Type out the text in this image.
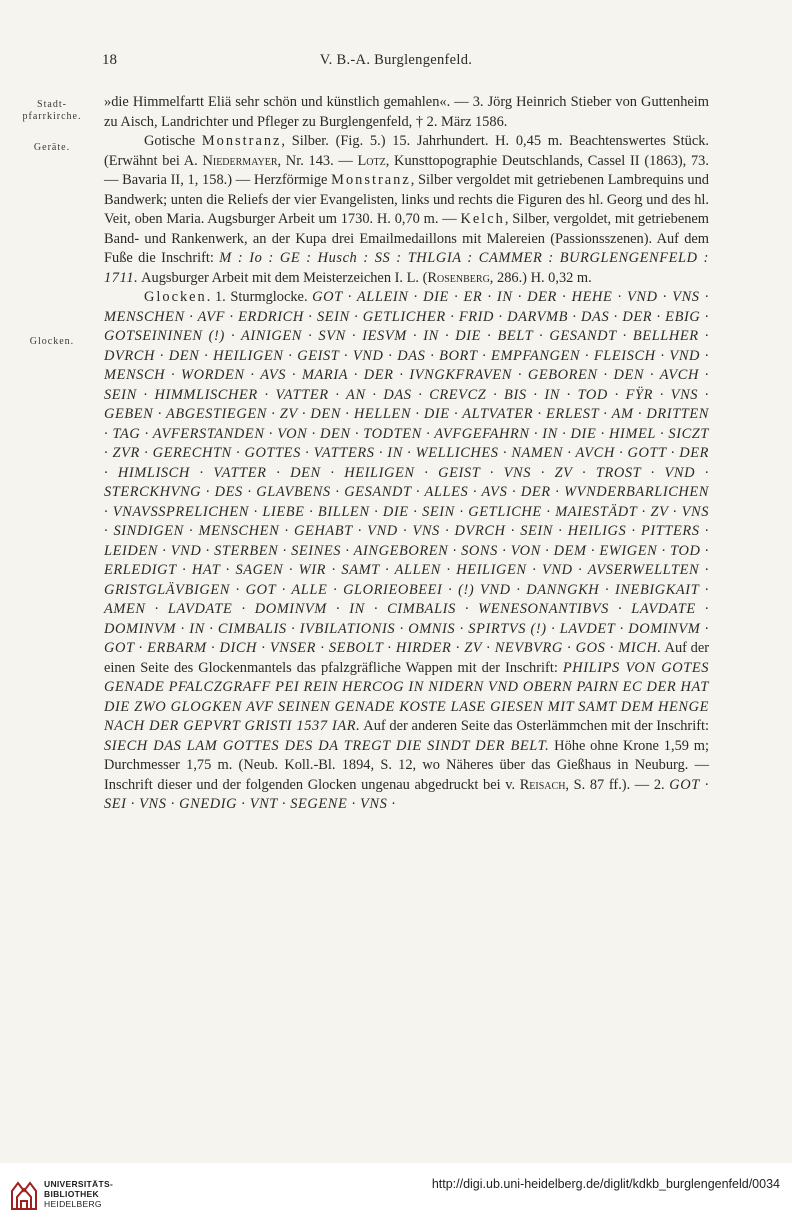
18	V. B.-A. Burglengenfeld.
Stadt-
pfarrkirche.
Geräte.
Glocken.

»die Himmelfartt Eliä sehr schön und künstlich gemahlen«. — 3. Jörg Heinrich Stieber von Guttenheim zu Aisch, Landrichter und Pfleger zu Burglengenfeld, † 2. März 1586.

Gotische Monstranz, Silber. (Fig. 5.) 15. Jahrhundert. H. 0,45 m. Beachtenswertes Stück. (Erwähnt bei A. Niedermayer, Nr. 143. — Lotz, Kunsttopographie Deutschlands, Cassel II (1863), 73. — Bavaria II, 1, 158.) — Herzförmige Monstranz, Silber vergoldet mit getriebenen Lambrequins und Bandwerk; unten die Reliefs der vier Evangelisten, links und rechts die Figuren des hl. Georg und des hl. Veit, oben Maria. Augsburger Arbeit um 1730. H. 0,70 m. — Kelch, Silber, vergoldet, mit getriebenem Band- und Rankenwerk, an der Kupa drei Emailmedaillons mit Malereien (Passionsszenen). Auf dem Fuße die Inschrift: M : Io : GE : Husch : SS : THLGIA : CAMMER : BURGLENGENFELD : 1711. Augsburger Arbeit mit dem Meisterzeichen I. L. (Rosenberg, 286.) H. 0,32 m.

Glocken. 1. Sturmglocke. GOT · ALLEIN · DIE · ER · IN · DER · HEHE · VND · VNS · MENSCHEN · AVF · ERDRICH · SEIN · GETLICHER · FRID · DARVMB · DAS · DER · EBIG · GOTSEININEN (!) · AINIGEN · SVN · IESVM · IN · DIE · BELT · GESANDT · BELLHER · DVRCH · DEN · HEILIGEN · GEIST · VND · DAS · BORT · EMPFANGEN · FLEISCH · VND · MENSCH · WORDEN · AVS · MARIA · DER · IVNGKFRAVEN · GEBOREN · DEN · AVCH · SEIN · HIMMLISCHER · VATTER · AN · DAS · CREVCZ · BIS · IN · TOD · FŸR · VNS · GEBEN · ABGESTIEGEN · ZV · DEN · HELLEN · DIE · ALTVATER · ERLEST · AM · DRITTEN · TAG · AVFERSTANDEN · VON · DEN · TODTEN · AVFGEFAHRN · IN · DIE · HIMEL · SICZT · ZVR · GERECHTN · GOTTES · VATTERS · IN · WELLICHES · NAMEN · AVCH · GOTT · DER · HIMLISCH · VATTER · DEN · HEILIGEN · GEIST · VNS · ZV · TROST · VND · STERCKHVNG · DES · GLAVBENS · GESANDT · ALLES · AVS · DER · WVNDERBARLICHEN · VNAVSSPRELICHEN · LIEBE · BILLEN · DIE · SEIN · GETLICHE · MAIESTÄDT · ZV · VNS · SINDIGEN · MENSCHEN · GEHABT · VND · VNS · DVRCH · SEIN · HEILIGS · PITTERS · LEIDEN · VND · STERBEN · SEINES · AINGEBOREN · SONS · VON · DEM · EWIGEN · TOD · ERLEDIGT · HAT · SAGEN · WIR · SAMT · ALLEN · HEILIGEN · VND · AVSERWELLTEN · GRISTGLÄVBIGEN · GOT · ALLE · GLORIEOBEEI · (!) VND · DANNGKH · INEBIGKAIT · AMEN · LAVDATE · DOMINVM · IN · CIMBALIS · WENESONANTIBVS · LAVDATE · DOMINVM · IN · CIMBALIS · IVBILATIONIS · OMNIS · SPIRTVS (!) · LAVDET · DOMINVM · GOT · ERBARM · DICH · VNSER · SEBOLT · HIRDER · ZV · NEVBVRG · GOS · MICH. Auf der einen Seite des Glockenmantels das pfalzgräfliche Wappen mit der Inschrift: PHILIPS VON GOTES GENADE PFALCZGRAFF PEI REIN HERCOG IN NIDERN VND OBERN PAIRN EC DER HAT DIE ZWO GLOGKEN AVF SEINEN GENADE KOSTE LASE GIESEN MIT SAMT DEM HENGE NACH DER GEPVRT GRISTI 1537 IAR. Auf der anderen Seite das Osterlämmchen mit der Inschrift: SIECH DAS LAM GOTTES DES DA TREGT DIE SINDT DER BELT. Höhe ohne Krone 1,59 m; Durchmesser 1,75 m. (Neub. Koll.-Bl. 1894, S. 12, wo Näheres über das Gießhaus in Neuburg. — Inschrift dieser und der folgenden Glocken ungenau abgedruckt bei v. Reisach, S. 87 ff.). — 2. GOT · SEI · VNS · GNEDIG · VNT · SEGENE · VNS ·

UNIVERSITÄTS-
BIBLIOTHEK
HEIDELBERG
http://digi.ub.uni-heidelberg.de/diglit/kdkb_burglengenfeld/0034
